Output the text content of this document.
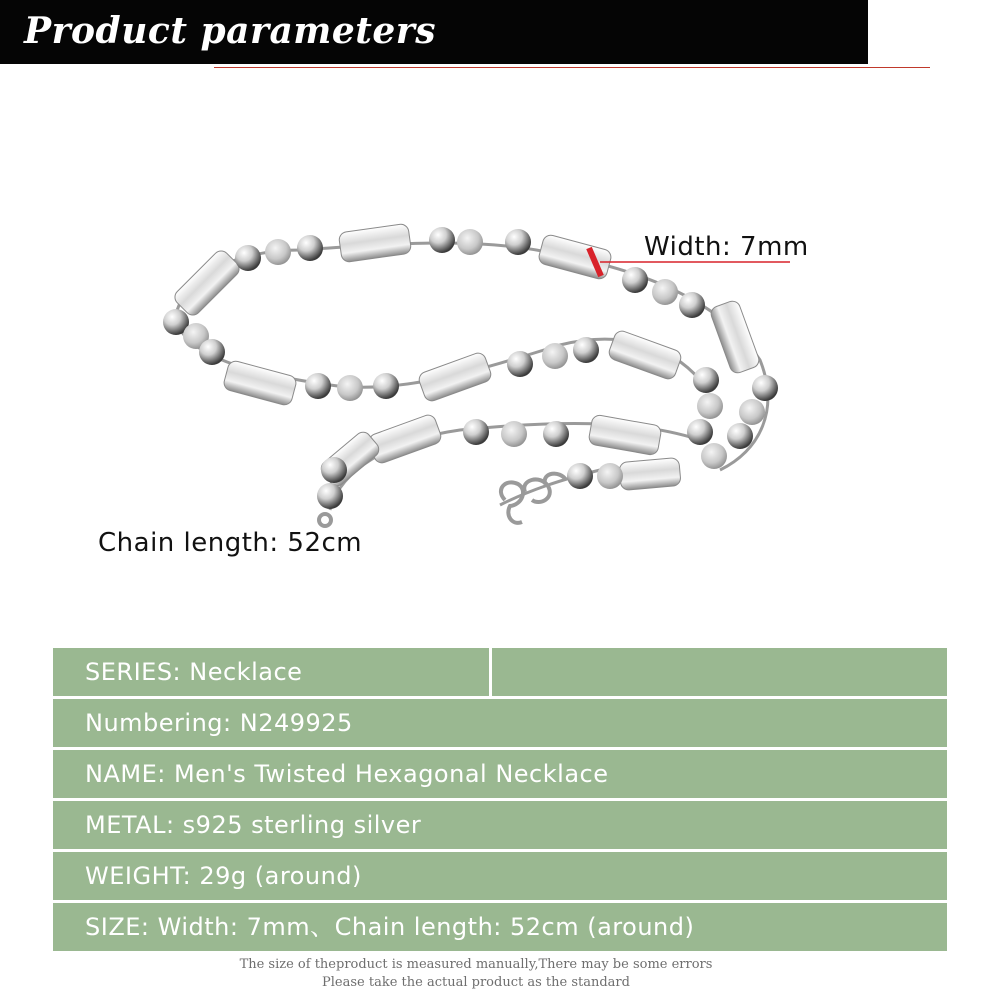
Product parameters
Width: 7mm
Chain length: 52cm
SERIES: Necklace
Numbering: N249925
NAME: Men's Twisted Hexagonal Necklace
METAL: s925 sterling silver
WEIGHT: 29g (around)
SIZE: Width: 7mm、Chain length: 52cm (around)
The size of theproduct is measured manually,There may be some errors
Please take the actual product as the standard
